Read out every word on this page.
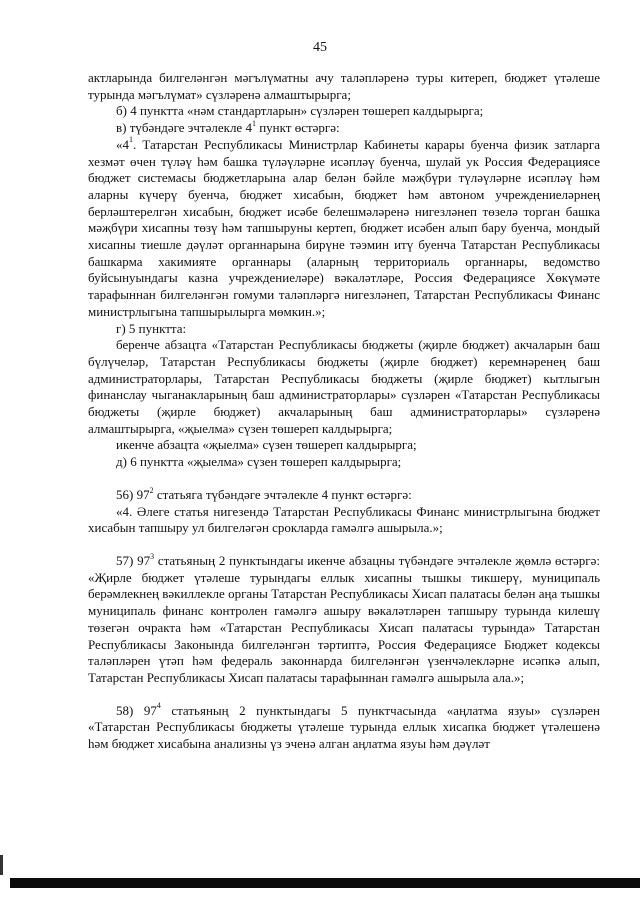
45

актларында билгеләнгән мәгълүматны ачу таләпләренә туры китереп, бюджет үтәлеше турында мәгълүмат» сүзләренә алмаштырырга;

б) 4 пунктта «нәм стандартларын» сүзләрен төшереп калдырырга;

в) түбәндәге эчтәлекле $4^1$ пункт өстәргә:

«$4^1$. Татарстан Республикасы Министрлар Кабинеты карары буенча физик затларга хезмәт өчен түләү һәм башка түләүләрне исәпләү буенча, шулай ук Россия Федерациясе бюджет системасы бюджетларына алар белән бәйле мәҗбүри түләүләрне исәпләү һәм аларны күчерү буенча, бюджет хисабын, бюджет һәм автоном учреждениеләрнең берләштерелгән хисабын, бюджет исәбе белешмәләренә нигезләнеп төзелә торган башка мәҗбүри хисапны төзү һәм тапшыруны кертеп, бюджет исәбен алып бару буенча, мондый хисапны тиешле дәүләт органнарына бирүне тәэмин итү буенча Татарстан Республикасы башкарма хакимияте органнары (аларның территориаль органнары, ведомство буйсынуындагы казна учреждениеләре) вәкаләтләре, Россия Федерациясе Хөкүмәте тарафыннан билгеләнгән гомуми таләпләргә нигезләнеп, Татарстан Республикасы Финанс министрлыгына тапшырылырга мөмкин.»;

г) 5 пунктта:

беренче абзацта «Татарстан Республикасы бюджеты (җирле бюджет) акчаларын баш бүлүчеләр, Татарстан Республикасы бюджеты (җирле бюджет) керемнәренең баш администраторлары, Татарстан Республикасы бюджеты (җирле бюджет) кытлыгын финанслау чыганакларының баш администраторлары» сүзләрен «Татарстан Республикасы бюджеты (җирле бюджет) акчаларының баш администраторлары» сүзләренә алмаштырырга, «җыелма» сүзен төшереп калдырырга;

икенче абзацта «җыелма» сүзен төшереп калдырырга;

д) 6 пунктта «җыелма» сүзен төшереп калдырырга;

56) $97^2$ статьяга түбәндәге эчтәлекле 4 пункт өстәргә:

«4. Әлеге статья нигезендә Татарстан Республикасы Финанс министрлыгына бюджет хисабын тапшыру ул билгеләгән срокларда гамәлгә ашырыла.»;

57) $97^3$ статьяның 2 пунктындагы икенче абзацны түбәндәге эчтәлекле җөмлә өстәргә: «Җирле бюджет үтәлеше турындагы еллык хисапны тышкы тикшерү, муниципаль берәмлекнең вәкиллекле органы Татарстан Республикасы Хисап палатасы белән аңа тышкы муниципаль финанс контролен гамәлгә ашыру вәкаләтләрен тапшыру турында килешү төзегән очракта һәм «Татарстан Республикасы Хисап палатасы турында» Татарстан Республикасы Законында билгеләнгән тәртиптә, Россия Федерациясе Бюджет кодексы таләпләрен үтәп һәм федераль законнарда билгеләнгән үзенчәлекләрне исәпкә алып, Татарстан Республикасы Хисап палатасы тарафыннан гамәлгә ашырыла ала.»;

58) $97^4$ статьяның 2 пунктындагы 5 пунктчасында «аңлатма язуы» сүзләрен «Татарстан Республикасы бюджеты үтәлеше турында еллык хисапка бюджет үтәлешенә һәм бюджет хисабына анализны үз эченә алган аңлатма язуы һәм дәүләт
